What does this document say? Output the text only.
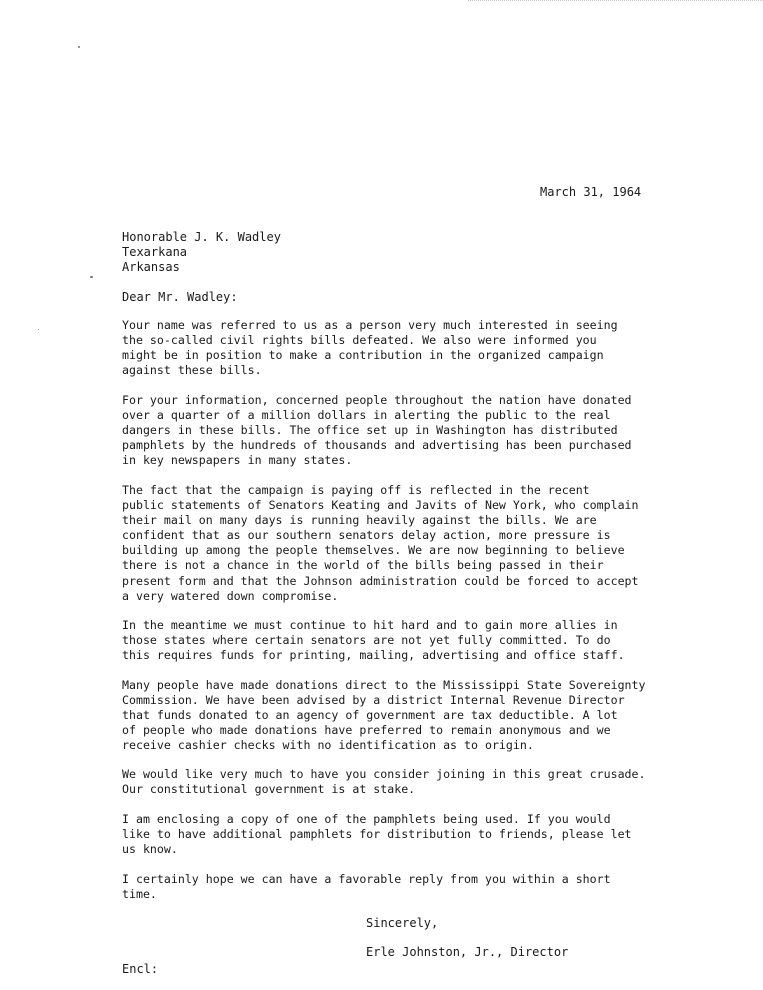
March 31, 1964
Honorable J. K. Wadley
Texarkana
Arkansas
Dear Mr. Wadley:
Your name was referred to us as a person very much interested in seeing
the so-called civil rights bills defeated. We also were informed you
might be in position to make a contribution in the organized campaign
against these bills.
For your information, concerned people throughout the nation have donated
over a quarter of a million dollars in alerting the public to the real
dangers in these bills. The office set up in Washington has distributed
pamphlets by the hundreds of thousands and advertising has been purchased
in key newspapers in many states.
The fact that the campaign is paying off is reflected in the recent
public statements of Senators Keating and Javits of New York, who complain
their mail on many days is running heavily against the bills. We are
confident that as our southern senators delay action, more pressure is
building up among the people themselves. We are now beginning to believe
there is not a chance in the world of the bills being passed in their
present form and that the Johnson administration could be forced to accept
a very watered down compromise.
In the meantime we must continue to hit hard and to gain more allies in
those states where certain senators are not yet fully committed. To do
this requires funds for printing, mailing, advertising and office staff.
Many people have made donations direct to the Mississippi State Sovereignty
Commission. We have been advised by a district Internal Revenue Director
that funds donated to an agency of government are tax deductible. A lot
of people who made donations have preferred to remain anonymous and we
receive cashier checks with no identification as to origin.
We would like very much to have you consider joining in this great crusade.
Our constitutional government is at stake.
I am enclosing a copy of one of the pamphlets being used. If you would
like to have additional pamphlets for distribution to friends, please let
us know.
I certainly hope we can have a favorable reply from you within a short
time.
Sincerely,
Erle Johnston, Jr., Director
Encl:
